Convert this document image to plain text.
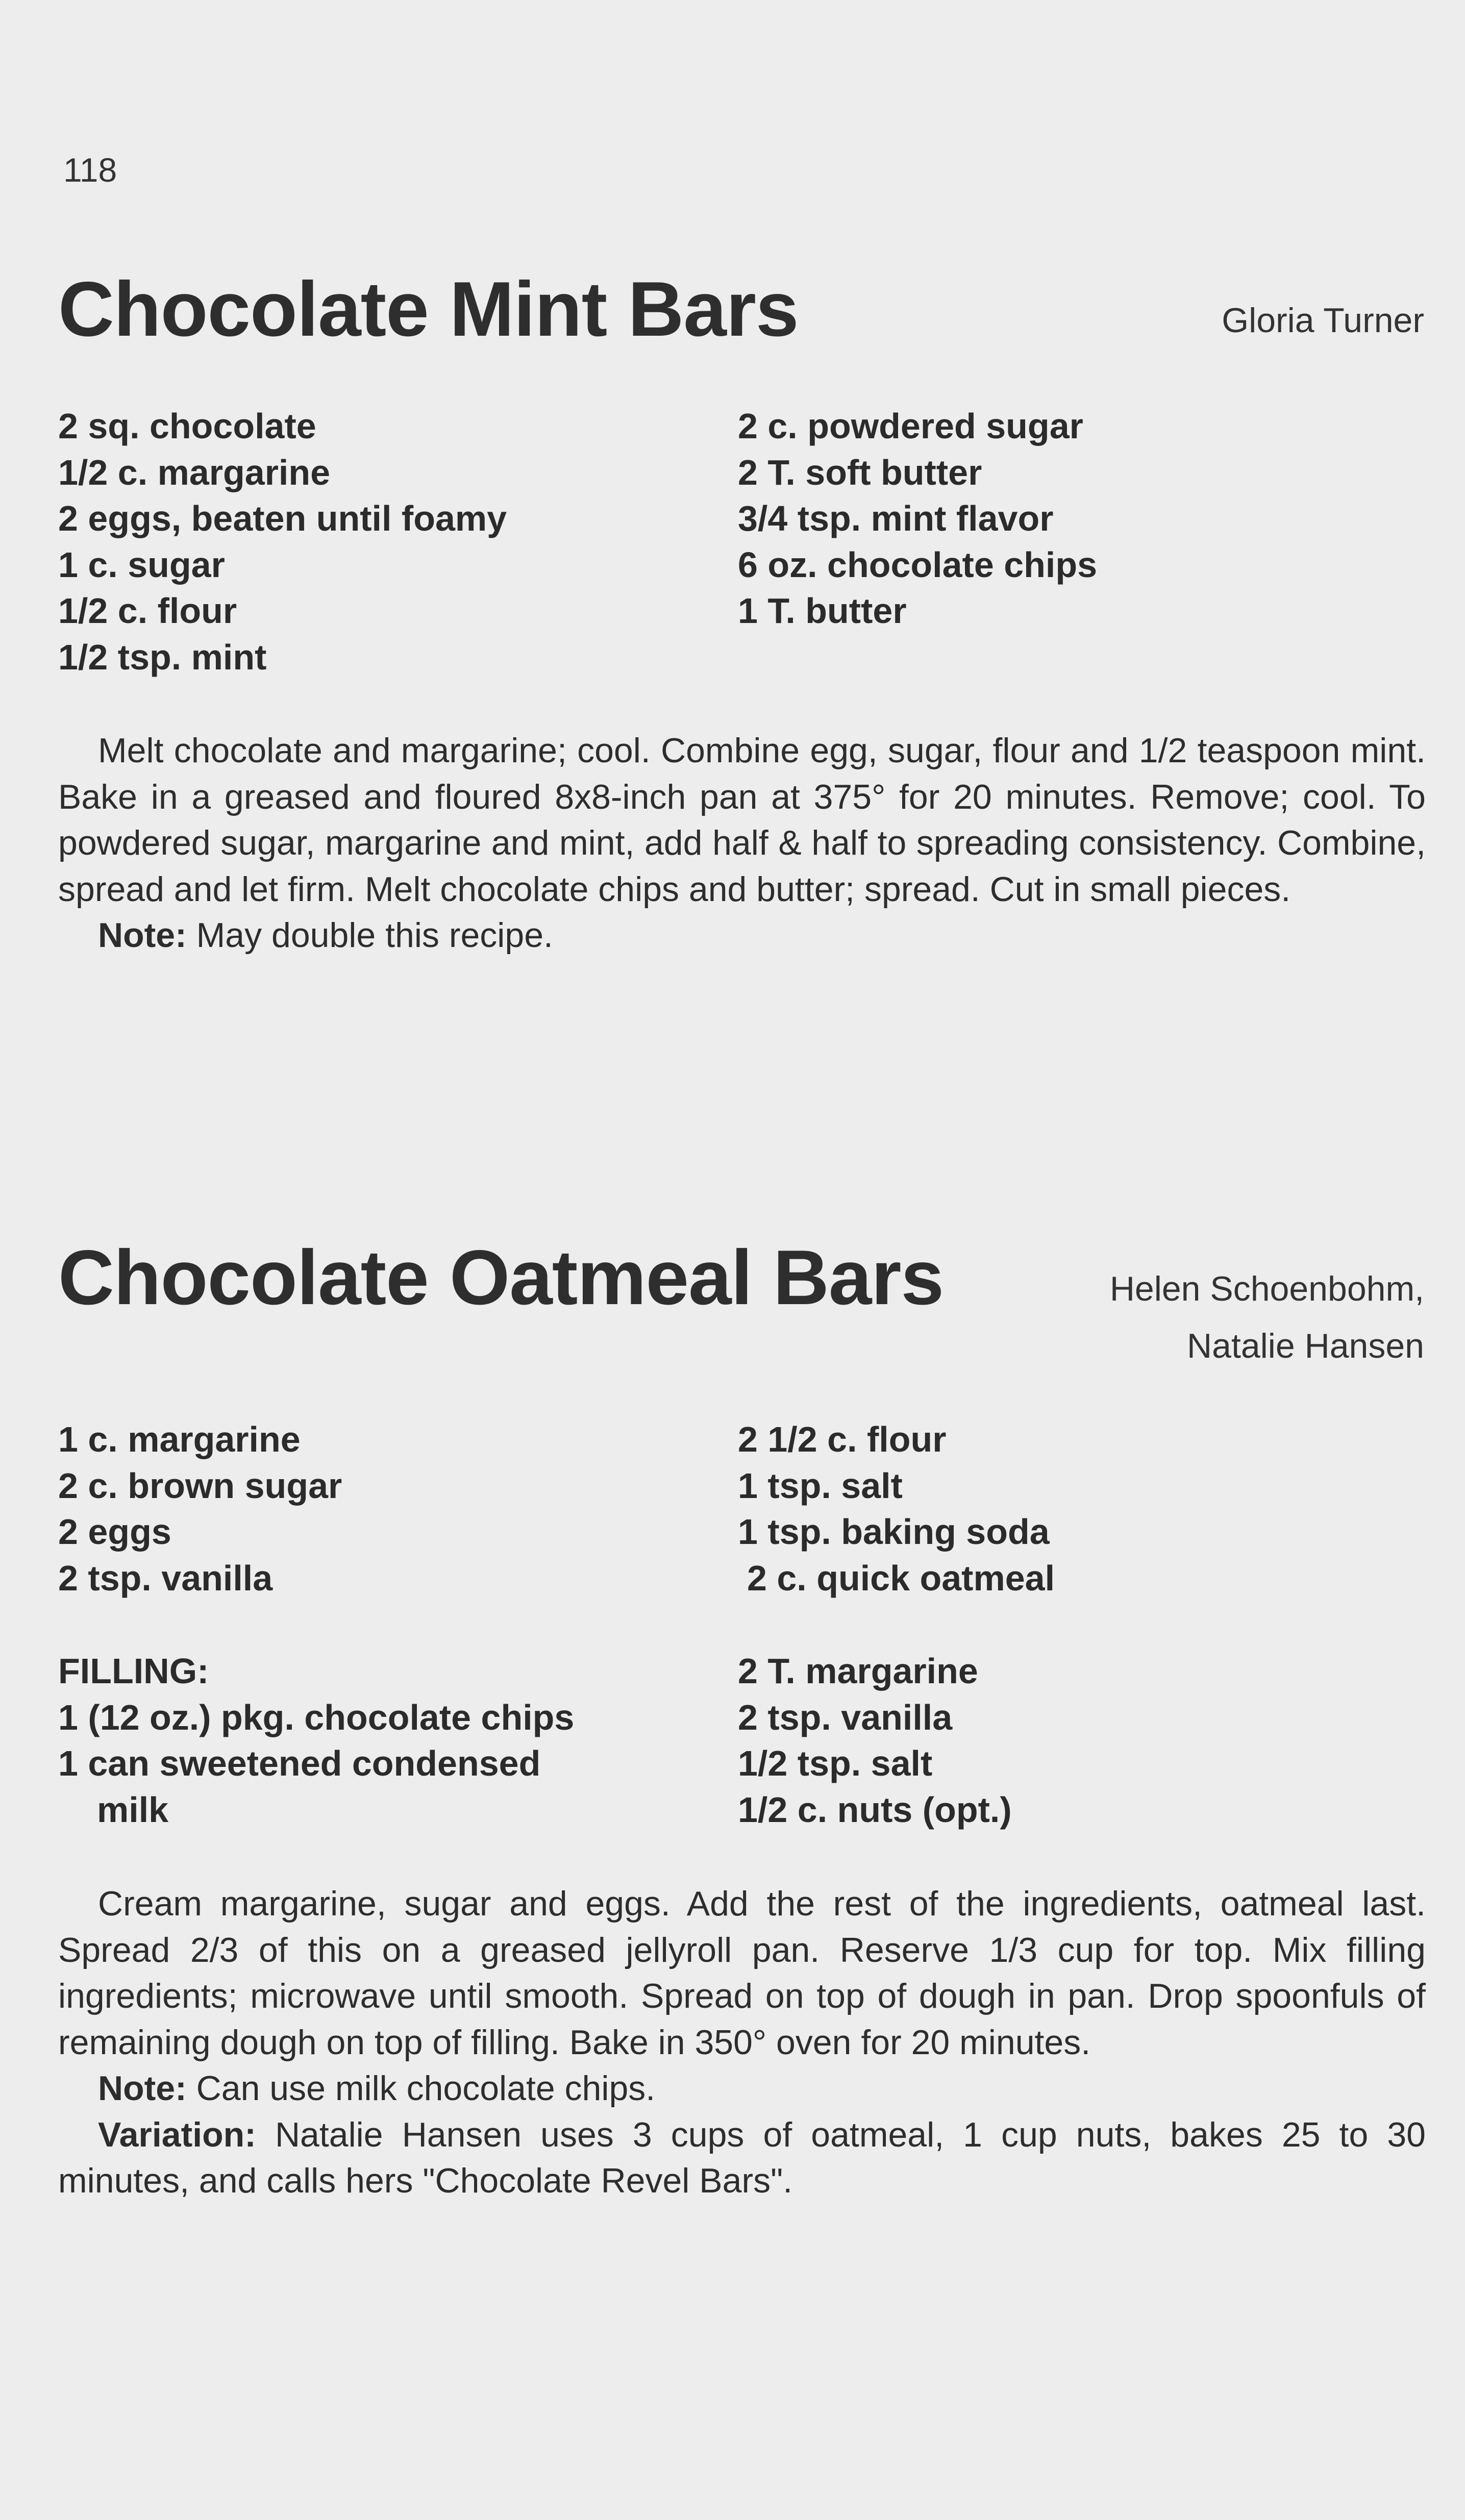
118
Chocolate Mint Bars	Gloria Turner
2 sq. chocolate
1/2 c. margarine
2 eggs, beaten until foamy
1 c. sugar
1/2 c. flour
1/2 tsp. mint
2 c. powdered sugar
2 T. soft butter
3/4 tsp. mint flavor
6 oz. chocolate chips
1 T. butter

Melt chocolate and margarine; cool. Combine egg, sugar, flour and 1/2 teaspoon mint. Bake in a greased and floured 8x8-inch pan at 375° for 20 minutes. Remove; cool. To powdered sugar, margarine and mint, add half & half to spreading consistency. Combine, spread and let firm. Melt chocolate chips and butter; spread. Cut in small pieces.

Note: May double this recipe.

Chocolate Oatmeal Bars	Helen Schoenbohm,
Natalie Hansen
1 c. margarine
2 c. brown sugar
2 eggs
2 tsp. vanilla
2 1/2 c. flour
1 tsp. salt
1 tsp. baking soda
2 c. quick oatmeal
FILLING:
1 (12 oz.) pkg. chocolate chips
1 can sweetened condensed
milk
2 T. margarine
2 tsp. vanilla
1/2 tsp. salt
1/2 c. nuts (opt.)

Cream margarine, sugar and eggs. Add the rest of the ingredients, oatmeal last. Spread 2/3 of this on a greased jellyroll pan. Reserve 1/3 cup for top. Mix filling ingredients; microwave until smooth. Spread on top of dough in pan. Drop spoonfuls of remaining dough on top of filling. Bake in 350° oven for 20 minutes.

Note: Can use milk chocolate chips.

Variation: Natalie Hansen uses 3 cups of oatmeal, 1 cup nuts, bakes 25 to 30 minutes, and calls hers "Chocolate Revel Bars".
